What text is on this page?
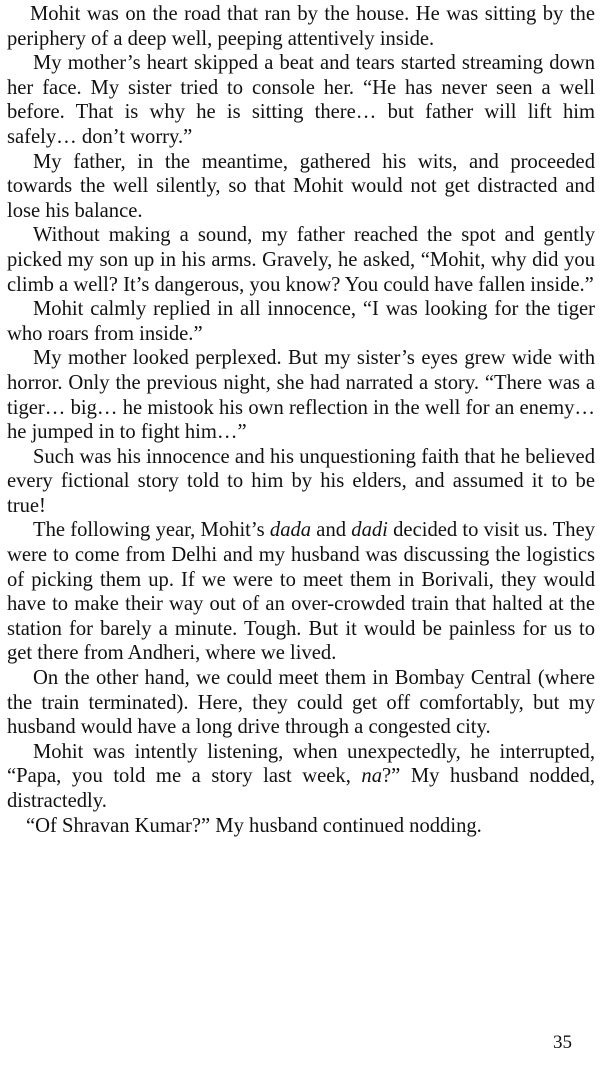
Mohit was on the road that ran by the house. He was sitting by the periphery of a deep well, peeping attentively inside.

My mother’s heart skipped a beat and tears started streaming down her face. My sister tried to console her. “He has never seen a well before. That is why he is sitting there… but father will lift him safely… don’t worry.”

My father, in the meantime, gathered his wits, and proceeded towards the well silently, so that Mohit would not get distracted and lose his balance.

Without making a sound, my father reached the spot and gently picked my son up in his arms. Gravely, he asked, “Mohit, why did you climb a well? It’s dangerous, you know? You could have fallen inside.”

Mohit calmly replied in all innocence, “I was looking for the tiger who roars from inside.”

My mother looked perplexed. But my sister’s eyes grew wide with horror. Only the previous night, she had narrated a story. “There was a tiger… big… he mistook his own reflection in the well for an enemy… he jumped in to fight him…”

Such was his innocence and his unquestioning faith that he believed every fictional story told to him by his elders, and assumed it to be true!

The following year, Mohit’s dada and dadi decided to visit us. They were to come from Delhi and my husband was discussing the logistics of picking them up. If we were to meet them in Borivali, they would have to make their way out of an over-crowded train that halted at the station for barely a minute. Tough. But it would be painless for us to get there from Andheri, where we lived.

On the other hand, we could meet them in Bombay Central (where the train terminated). Here, they could get off comfortably, but my husband would have a long drive through a congested city.

Mohit was intently listening, when unexpectedly, he interrupted, “Papa, you told me a story last week, na?” My husband nodded, distractedly.

“Of Shravan Kumar?” My husband continued nodding.

35
